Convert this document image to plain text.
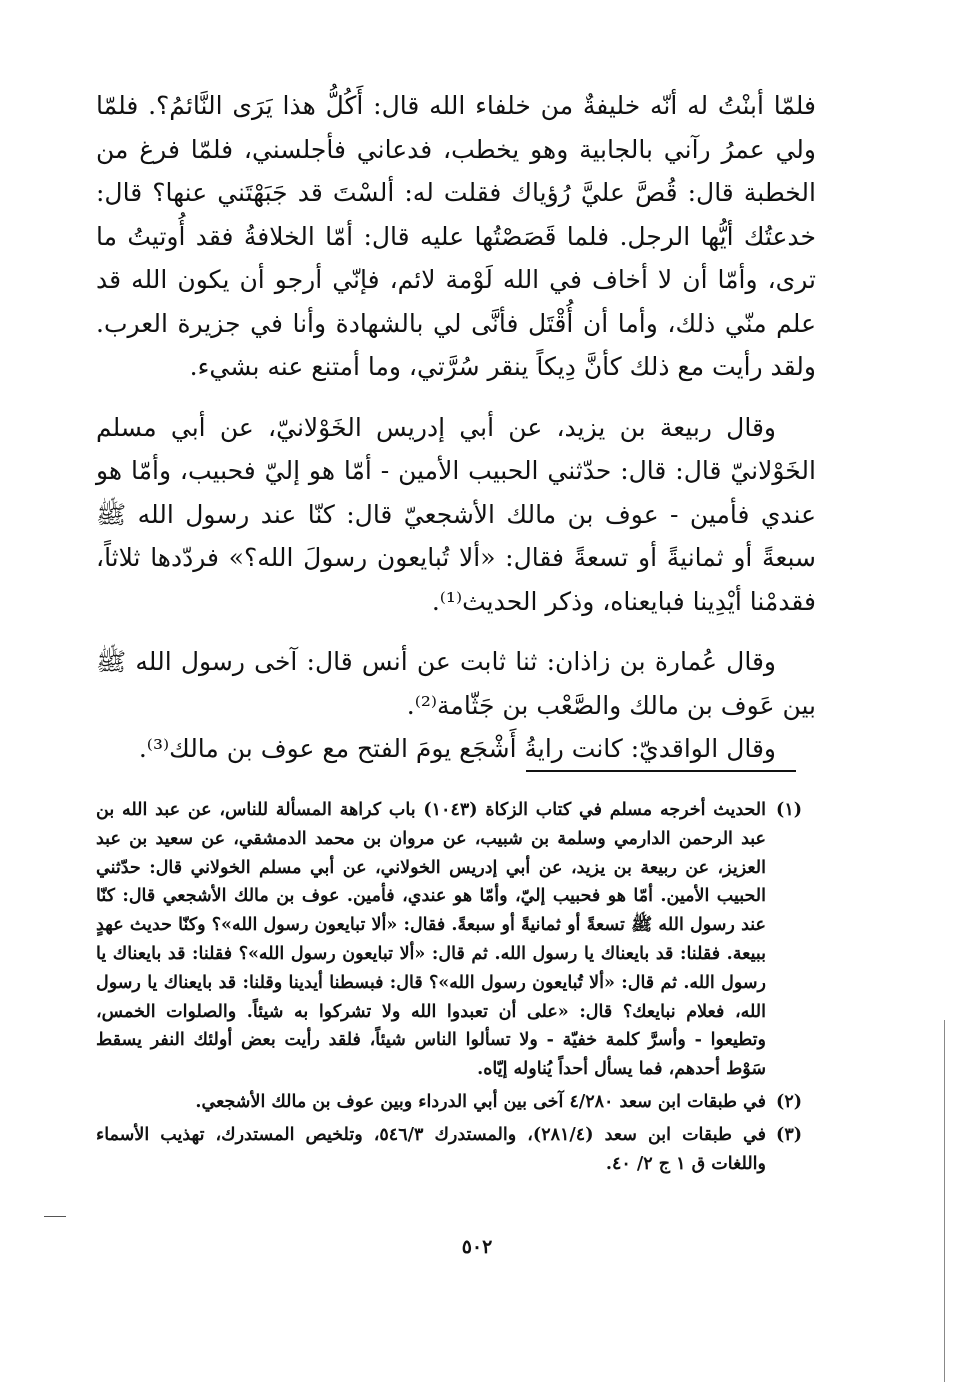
فلمّا أبنْتُ له أنّه خليفةٌ من خلفاء الله قال: أَكُلُّ هذا يَرَى النَّائمُ؟. فلمّا ولي عمرُ رآني بالجابية وهو يخطب، فدعاني فأجلسني، فلمّا فرغ من الخطبة قال: قُصَّ عليَّ رُؤياك فقلت له: ألسْتَ قد جَبَهْتَني عنها؟ قال: خدعتُك أيُّها الرجل. فلما قَصَصْتُها عليه قال: أمّا الخلافةُ فقد أُوتيتُ ما ترى، وأمّا أن لا أخاف في الله لَوْمة لائم، فإنّي أرجو أن يكون الله قد علم منّي ذلك، وأما أن أُقْتَل فأنَّى لي بالشهادة وأنا في جزيرة العرب. ولقد رأيت مع ذلك كأنَّ دِيكاً ينقر سُرَّتي، وما أمتنع عنه بشيء.

وقال ربيعة بن يزيد، عن أبي إدريس الخَوْلانيّ، عن أبي مسلم الخَوْلانيّ قال: قال: حدّثني الحبيب الأمين - أمّا هو إليّ فحبيب، وأمّا هو عندي فأمين - عوف بن مالك الأشجعيّ قال: كنّا عند رسول الله ﷺ سبعةً أو ثمانيةً أو تسعةً فقال: «ألا تُبايعون رسولَ الله؟» فردّدها ثلاثاً، فقدمْنا أيْدِينا فبايعناه، وذكر الحديث⁽¹⁾.

وقال عُمارة بن زاذان: ثنا ثابت عن أنس قال: آخى رسول الله ﷺ بين عَوف بن مالك والصَّعْب بن جَثّامة⁽²⁾.

وقال الواقديّ: كانت رايةُ أَشْجَع يومَ الفتح مع عوف بن مالك⁽³⁾.

(١)
الحديث أخرجه مسلم في كتاب الزكاة (١٠٤٣) باب كراهة المسألة للناس، عن عبد الله بن عبد الرحمن الدارمي وسلمة بن شبيب، عن مروان بن محمد الدمشقي، عن سعيد بن عبد العزيز، عن ربيعة بن يزيد، عن أبي إدريس الخولاني، عن أبي مسلم الخولاني قال: حدّثني الحبيب الأمين. أمّا هو فحبيب إليّ، وأمّا هو عندي، فأمين. عوف بن مالك الأشجعي قال: كنّا عند رسول الله ﷺ تسعةً أو ثمانيةً أو سبعةً. فقال: «ألا تبايعون رسول الله»؟ وكنّا حديث عهدٍ ببيعة. فقلنا: قد بايعناك يا رسول الله. ثم قال: «ألا تبايعون رسول الله»؟ فقلنا: قد بايعناك يا رسول الله. ثم قال: «ألا تُبايعون رسول الله»؟ قال: فبسطنا أيدينا وقلنا: قد بايعناك يا رسول الله، فعلام نبايعك؟ قال: «على أن تعبدوا الله ولا تشركوا به شيئاً. والصلوات الخمس، وتطيعوا - وأسرَّ كلمة خفيّة - ولا تسألوا الناس شيئاً، فلقد رأيت بعض أولئك النفر يسقط سَوْط أحدهم، فما يسأل أحداً يُناوله إيّاه.
(٢)
في طبقات ابن سعد ٤/٢٨٠ آخى بين أبي الدرداء وبين عوف بن مالك الأشجعي.
(٣)
في طبقات ابن سعد (٢٨١/٤)، والمستدرك ٥٤٦/٣، وتلخيص المستدرك، تهذيب الأسماء واللغات ق ١ ج ٢/ ٤٠.
٥٠٢
